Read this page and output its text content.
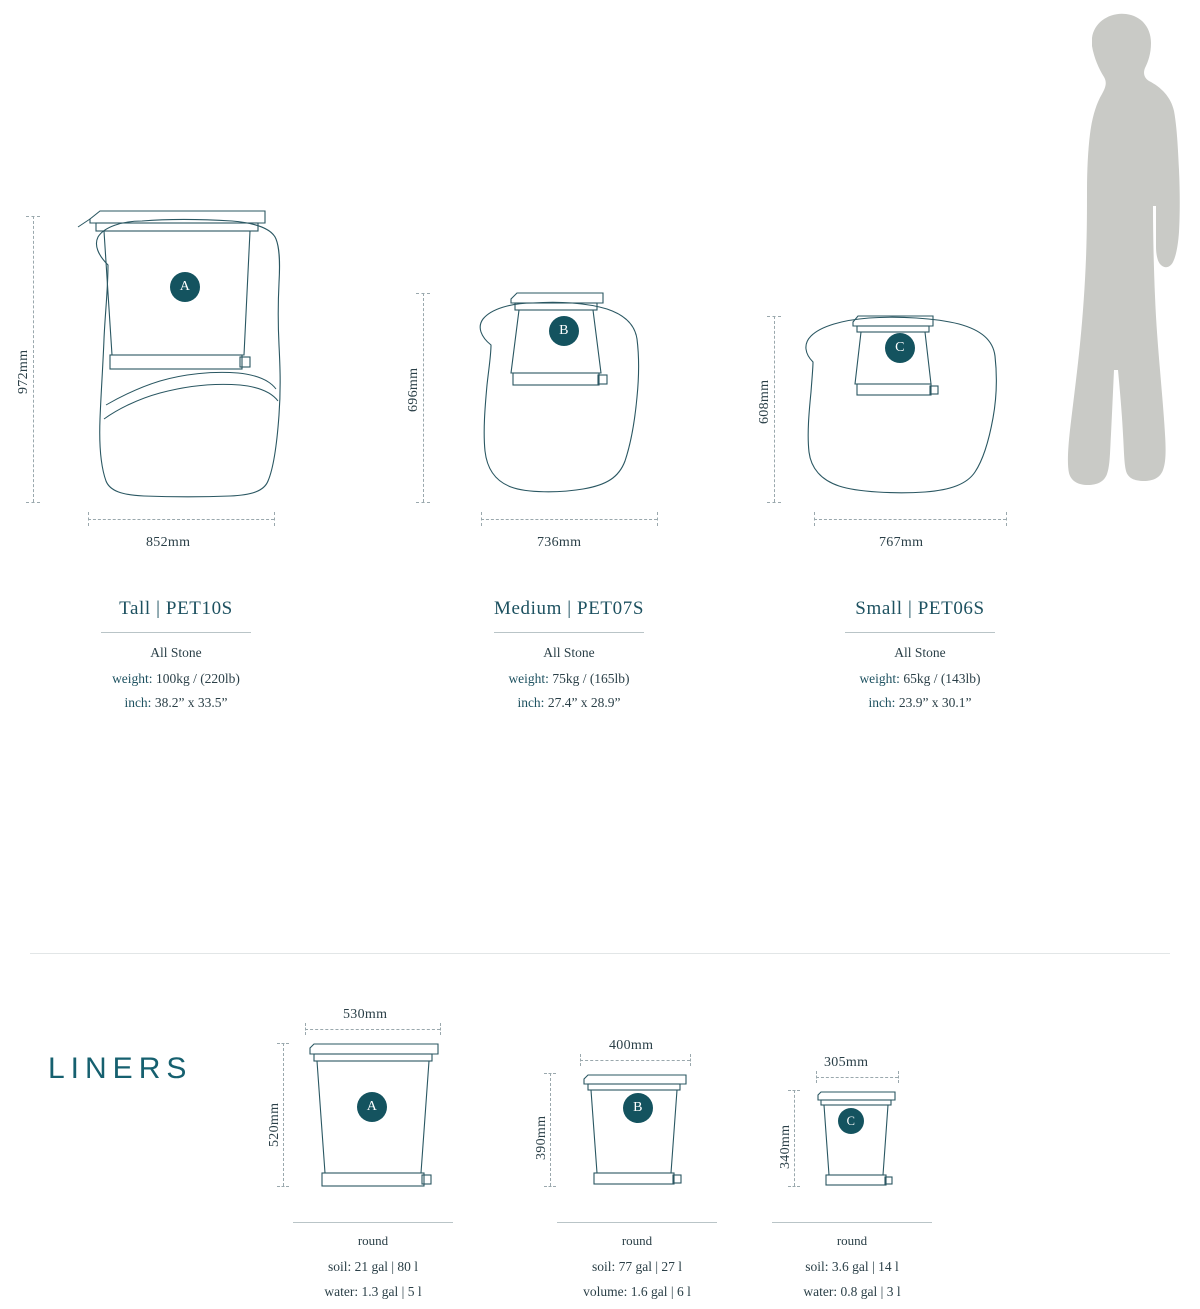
A
972mm
852mm
Tall | PET10S
All Stone
weight: 100kg / (220lb)
inch: 38.2” x 33.5”
B
696mm
736mm
Medium | PET07S
All Stone
weight: 75kg / (165lb)
inch: 27.4” x 28.9”
C
608mm
767mm
Small | PET06S
All Stone
weight: 65kg / (143lb)
inch: 23.9” x 30.1”
LINERS
A
530mm
520mm
round
soil: 21 gal | 80 l
water: 1.3 gal | 5 l
B
400mm
390mm
round
soil: 77 gal | 27 l
volume: 1.6 gal | 6 l
C
305mm
340mm
round
soil: 3.6 gal | 14 l
water: 0.8 gal | 3 l
